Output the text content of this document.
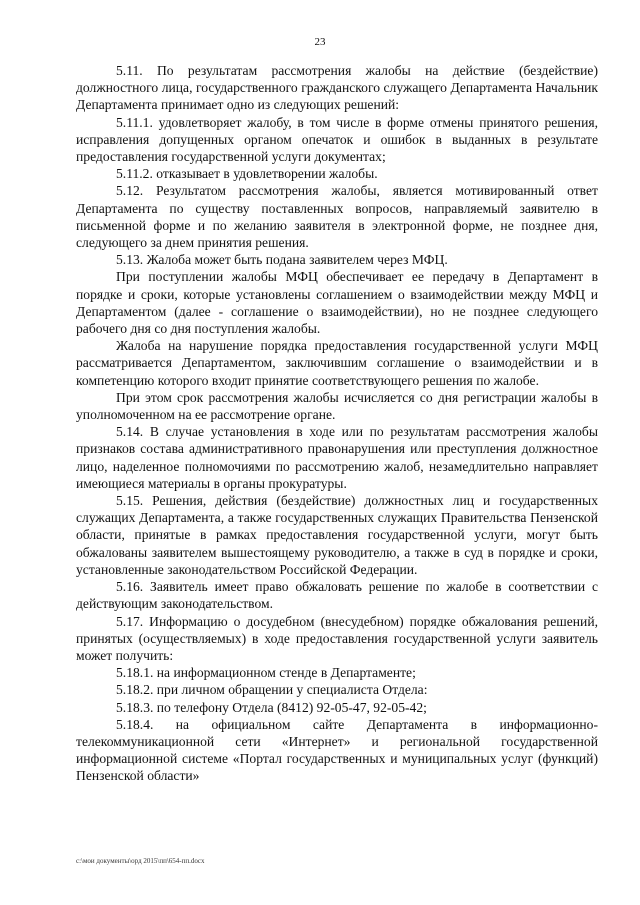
23

5.11. По результатам рассмотрения жалобы на действие (бездействие) должностного лица, государственного гражданского служащего Департамента Начальник Департамента принимает одно из следующих решений:

5.11.1. удовлетворяет жалобу, в том числе в форме отмены принятого решения, исправления допущенных органом опечаток и ошибок в выданных в результате предоставления государственной услуги документах;

5.11.2. отказывает в удовлетворении жалобы.

5.12. Результатом рассмотрения жалобы, является мотивированный ответ Департамента по существу поставленных вопросов, направляемый заявителю в письменной форме и по желанию заявителя в электронной форме, не позднее дня, следующего за днем принятия решения.

5.13. Жалоба может быть подана заявителем через МФЦ.

При поступлении жалобы МФЦ обеспечивает ее передачу в Департамент в порядке и сроки, которые установлены соглашением о взаимодействии между МФЦ и Департаментом (далее - соглашение о взаимодействии), но не позднее следующего рабочего дня со дня поступления жалобы.

Жалоба на нарушение порядка предоставления государственной услуги МФЦ рассматривается Департаментом, заключившим соглашение о взаимодействии и в компетенцию которого входит принятие соответствующего решения по жалобе.

При этом срок рассмотрения жалобы исчисляется со дня регистрации жалобы в уполномоченном на ее рассмотрение органе.

5.14. В случае установления в ходе или по результатам рассмотрения жалобы признаков состава административного правонарушения или преступления должностное лицо, наделенное полномочиями по рассмотрению жалоб, незамедлительно направляет имеющиеся материалы в органы прокуратуры.

5.15. Решения, действия (бездействие) должностных лиц и государственных служащих Департамента, а также государственных служащих Правительства Пензенской области, принятые в рамках предоставления государственной услуги, могут быть обжалованы заявителем вышестоящему руководителю, а также в суд в порядке и сроки, установленные законодательством Российской Федерации.

5.16. Заявитель имеет право обжаловать решение по жалобе в соответствии с действующим законодательством.

5.17. Информацию о досудебном (внесудебном) порядке обжалования решений, принятых (осуществляемых) в ходе предоставления государственной услуги заявитель может получить:

5.18.1. на информационном стенде в Департаменте;

5.18.2. при личном обращении у специалиста Отдела:

5.18.3. по телефону Отдела (8412) 92-05-47, 92-05-42;

5.18.4. на официальном сайте Департамента в информационно-телекоммуникационной сети «Интернет» и региональной государственной информационной системе «Портал государственных и муниципальных услуг (функций) Пензенской области»

c:\мои документы\орд 2015\пп\654-пп.docx
